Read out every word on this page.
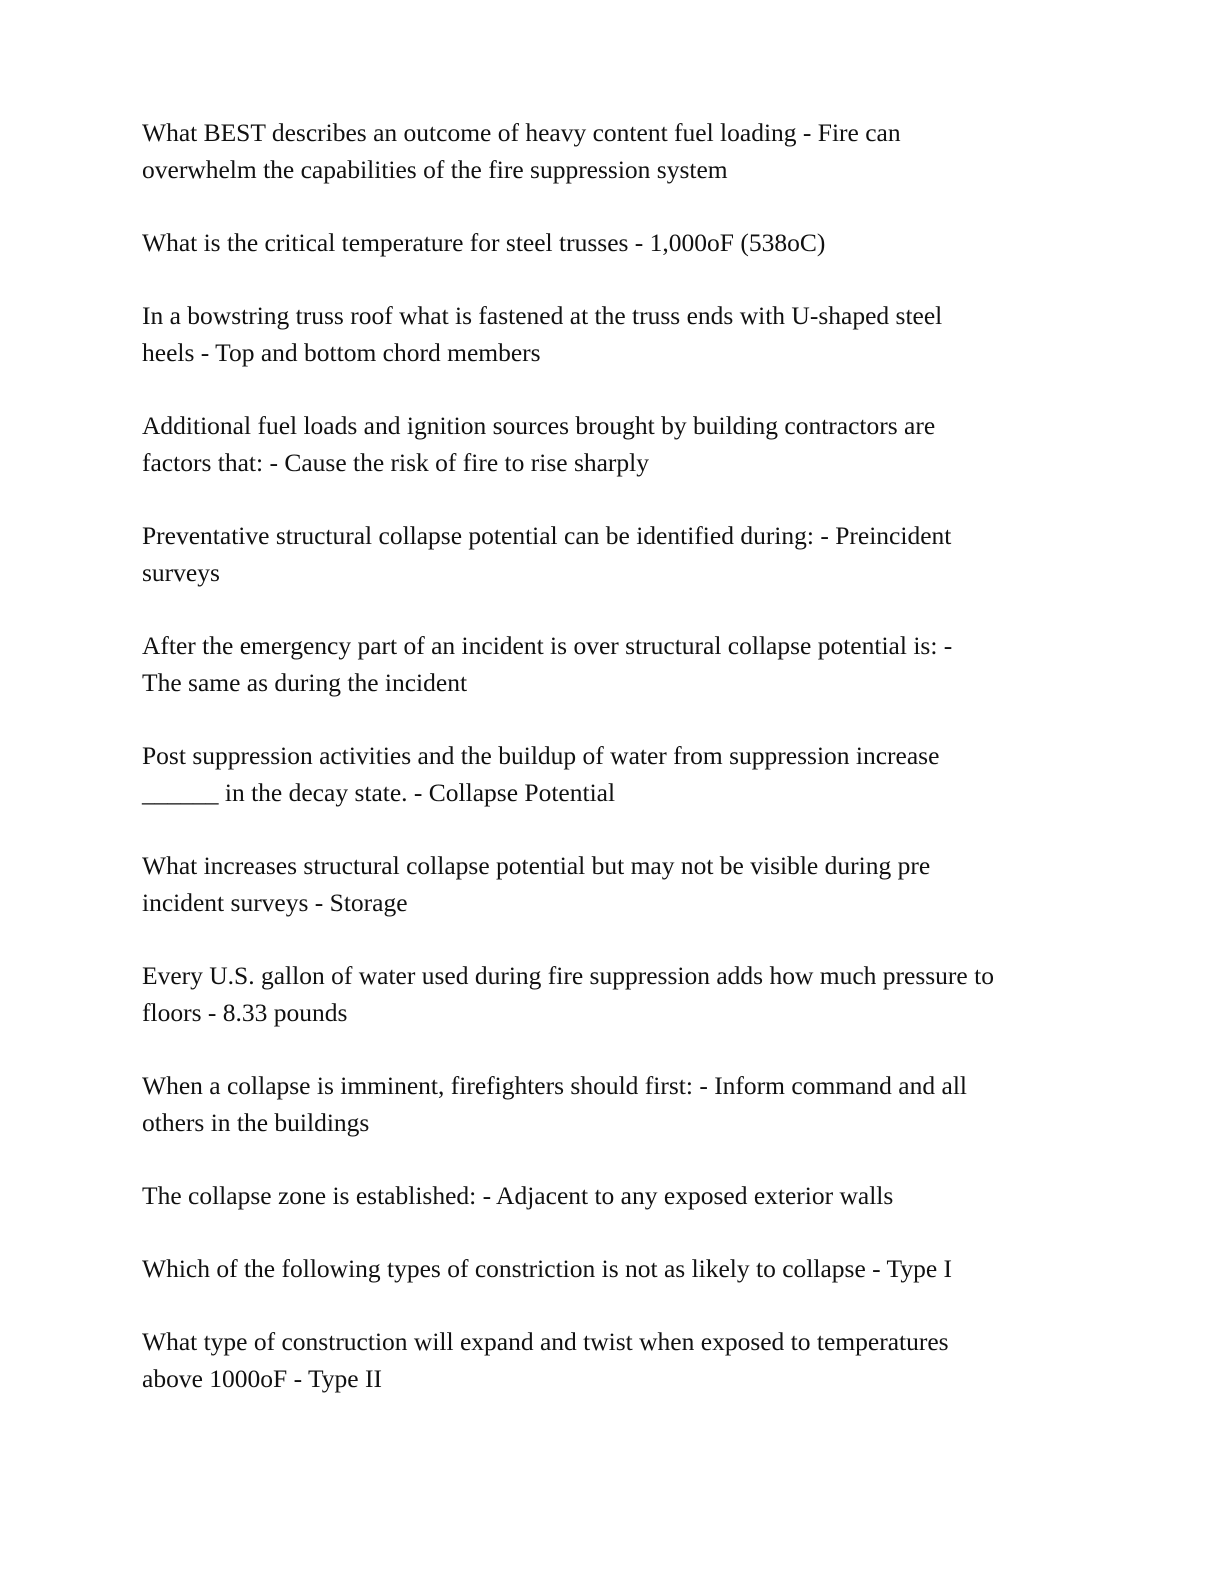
What BEST describes an outcome of heavy content fuel loading - Fire can
overwhelm the capabilities of the fire suppression system
What is the critical temperature for steel trusses - 1,000oF (538oC)
In a bowstring truss roof what is fastened at the truss ends with U-shaped steel
heels - Top and bottom chord members
Additional fuel loads and ignition sources brought by building contractors are
factors that: - Cause the risk of fire to rise sharply
Preventative structural collapse potential can be identified during: - Preincident
surveys
After the emergency part of an incident is over structural collapse potential is: -
The same as during the incident
Post suppression activities and the buildup of water from suppression increase
______ in the decay state. - Collapse Potential
What increases structural collapse potential but may not be visible during pre
incident surveys - Storage
Every U.S. gallon of water used during fire suppression adds how much pressure to
floors - 8.33 pounds
When a collapse is imminent, firefighters should first: - Inform command and all
others in the buildings
The collapse zone is established: - Adjacent to any exposed exterior walls
Which of the following types of constriction is not as likely to collapse - Type I
What type of construction will expand and twist when exposed to temperatures
above 1000oF - Type II
